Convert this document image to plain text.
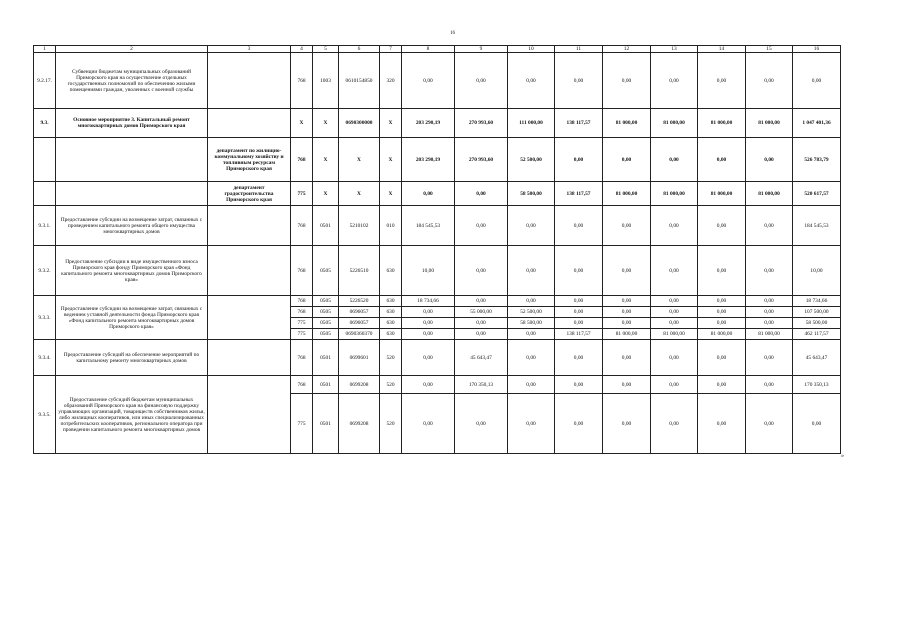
16
1	2	3	4	5	6	7	8	9	10	11	12	13	14	15	16
9.2.17.	Субвенции бюджетам муниципальных образований Приморского края на осуществление отдельных государственных полномочий по обеспечению жилыми помещениями граждан, уволенных с военной службы		768	1003	0610154850	320	0,00	0,00	0,00	0,00	0,00	0,00	0,00	0,00	0,00
9.3.	Основное мероприятие 3. Капитальный ремонт многоквартирных домов Приморского края		X	X	0690300000	X	203 290,19	270 993,60	111 000,00	138 117,57	81 000,00	81 000,00	81 000,00	81 000,00	1 047 401,36
		департамент по жилищно-коммунальному хозяйству и топливным ресурсам Приморского края	768	X	X	X	203 290,19	270 993,60	52 500,00	0,00	0,00	0,00	0,00	0,00	526 783,79
		департамент градостроительства Приморского края	775	X	X	X	0,00	0,00	58 500,00	138 117,57	81 000,00	81 000,00	81 000,00	81 000,00	520 617,57
9.3.1.	Предоставление субсидии на возмещение затрат, связанных с проведением капитального ремонта общего имущества многоквартирных домов		768	0501	5210102	010	184 545,53	0,00	0,00	0,00	0,00	0,00	0,00	0,00	184 545,53
9.3.2.	Предоставление субсидии в виде имущественного взноса Приморского края фонду Приморского края «Фонд капитального ремонта многоквартирных домов Приморского края»		768	0505	5226510	630	10,00	0,00	0,00	0,00	0,00	0,00	0,00	0,00	10,00
9.3.3.	Предоставление субсидии на возмещение затрат, связанных с ведением уставной деятельности фонда Приморского края «Фонд капитального ремонта многоквартирных домов Приморского края»		768	0505	5226520	630	18 734,66	0,00	0,00	0,00	0,00	0,00	0,00	0,00	18 734,66
			768	0505	0696057	630	0,00	55 000,00	52 500,00	0,00	0,00	0,00	0,00	0,00	107 500,00
			775	0505	0696057	630	0,00	0,00	58 500,00	0,00	0,00	0,00	0,00	0,00	58 500,00
			775	0505	0690360370	630	0,00	0,00	0,00	138 117,57	81 000,00	81 000,00	81 000,00	81 000,00	462 117,57
9.3.4.	Предоставление субсидий на обеспечение мероприятий по капитальному ремонту многоквартирных домов		768	0501	0699601	520	0,00	45 643,47	0,00	0,00	0,00	0,00	0,00	0,00	45 643,47
9.3.5.	Предоставление субсидий бюджетам муниципальных образований Приморского края на финансовую поддержку управляющих организаций, товариществ собственников жилья, либо жилищных кооперативов, или иных специализированных потребительских кооперативов, регионального оператора при проведении капитального ремонта многоквартирных домов		768	0501	0699208	520	0,00	170 350,13	0,00	0,00	0,00	0,00	0,00	0,00	170 350,13
			775	0501	0699208	520	0,00	0,00	0,00	0,00	0,00	0,00	0,00	0,00	0,00
»
